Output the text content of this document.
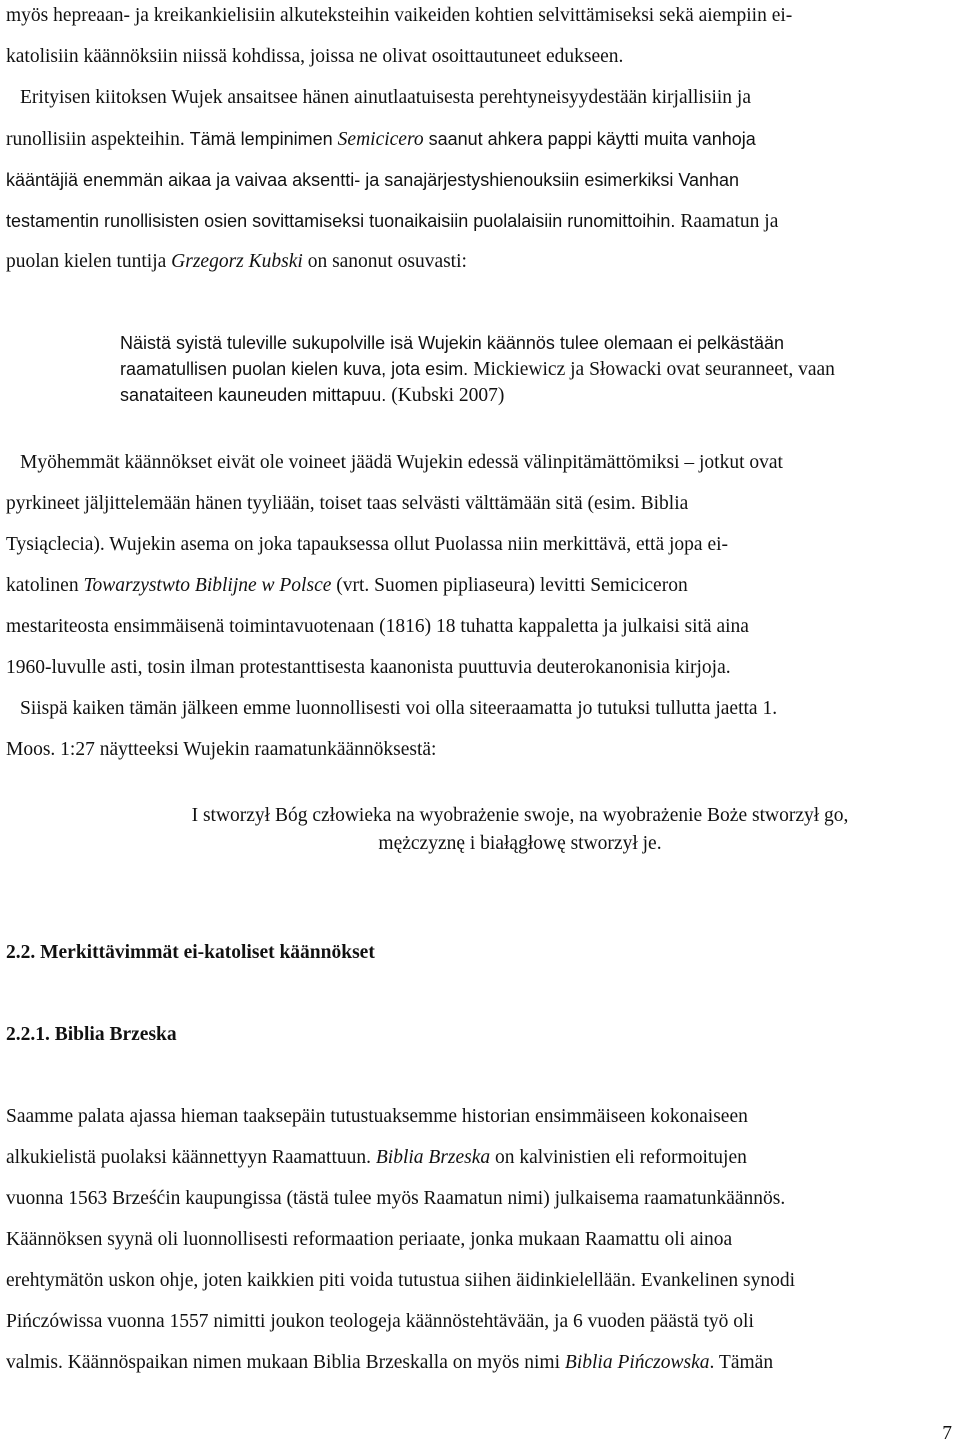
myös hepreaan- ja kreikankielisiin alkuteksteihin vaikeiden kohtien selvittämiseksi sekä aiempiin ei-
katolisiin käännöksiin niissä kohdissa, joissa ne olivat osoittautuneet edukseen.
Erityisen kiitoksen Wujek ansaitsee hänen ainutlaatuisesta perehtyneisyydestään kirjallisiin ja
runollisiin aspekteihin. Tämä lempinimen Semicicero saanut ahkera pappi käytti muita vanhoja
kääntäjiä enemmän aikaa ja vaivaa aksentti- ja sanajärjestyshienouksiin esimerkiksi Vanhan
testamentin runollisisten osien sovittamiseksi tuonaikaisiin puolalaisiin runomittoihin. Raamatun ja
puolan kielen tuntija Grzegorz Kubski on sanonut osuvasti:
Näistä syistä tuleville sukupolville isä Wujekin käännös tulee olemaan ei pelkästään
raamatullisen puolan kielen kuva, jota esim. Mickiewicz ja Słowacki ovat seuranneet, vaan
sanataiteen kauneuden mittapuu. (Kubski 2007)
Myöhemmät käännökset eivät ole voineet jäädä Wujekin edessä välinpitämättömiksi – jotkut ovat
pyrkineet jäljittelemään hänen tyyliään, toiset taas selvästi välttämään sitä (esim. Biblia
Tysiąclecia). Wujekin asema on joka tapauksessa ollut Puolassa niin merkittävä, että jopa ei-
katolinen Towarzystwto Biblijne w Polsce (vrt. Suomen pipliaseura) levitti Semiciceron
mestariteosta ensimmäisenä toimintavuotenaan (1816) 18 tuhatta kappaletta ja julkaisi sitä aina
1960-luvulle asti, tosin ilman protestanttisesta kaanonista puuttuvia deuterokanonisia kirjoja.
Siispä kaiken tämän jälkeen emme luonnollisesti voi olla siteeraamatta jo tutuksi tullutta jaetta 1.
Moos. 1:27 näytteeksi Wujekin raamatunkäännöksestä:
I stworzył Bóg człowieka na wyobrażenie swoje, na wyobrażenie Boże stworzył go,
mężczyznę i białągłowę stworzył je.
2.2. Merkittävimmät ei-katoliset käännökset
2.2.1. Biblia Brzeska
Saamme palata ajassa hieman taaksepäin tutustuaksemme historian ensimmäiseen kokonaiseen
alkukielistä puolaksi käännettyyn Raamattuun. Biblia Brzeska on kalvinistien eli reformoitujen
vuonna 1563 Brześćin kaupungissa (tästä tulee myös Raamatun nimi) julkaisema raamatunkäännös.
Käännöksen syynä oli luonnollisesti reformaation periaate, jonka mukaan Raamattu oli ainoa
erehtymätön uskon ohje, joten kaikkien piti voida tutustua siihen äidinkielellään. Evankelinen synodi
Pińczówissa vuonna 1557 nimitti joukon teologeja käännöstehtävään, ja 6 vuoden päästä työ oli
valmis. Käännöspaikan nimen mukaan Biblia Brzeskalla on myös nimi Biblia Pińczowska. Tämän
7
